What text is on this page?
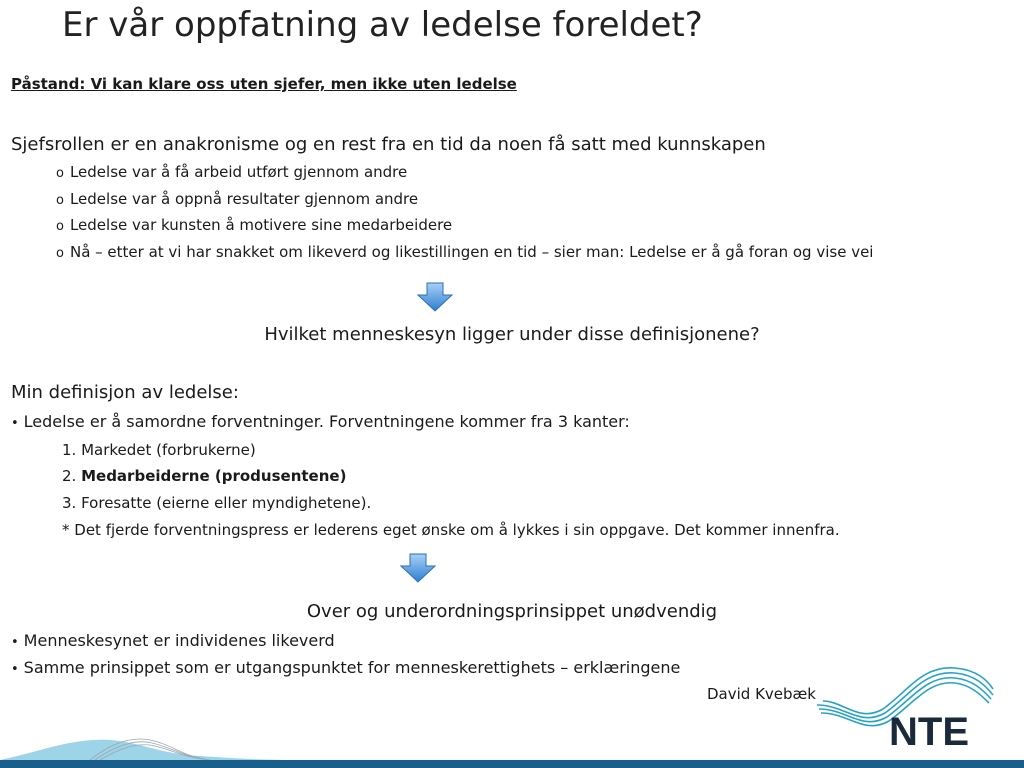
Er vår oppfatning av ledelse foreldet?
Påstand: Vi kan klare oss uten sjefer, men ikke uten ledelse
Sjefsrollen er en anakronisme og en rest fra en tid da noen få satt med kunnskapen
o Ledelse var å få arbeid utført gjennom andre
o Ledelse var å oppnå resultater gjennom andre
o Ledelse var kunsten å motivere sine medarbeidere
o Nå – etter at vi har snakket om likeverd og likestillingen en tid – sier man: Ledelse er å gå foran og vise vei
Hvilket menneskesyn ligger under disse definisjonene?
Min definisjon av ledelse:
• Ledelse er å samordne forventninger. Forventningene kommer fra 3 kanter:
1. Markedet (forbrukerne)
2. Medarbeiderne (produsentene)
3. Foresatte (eierne eller myndighetene).
* Det fjerde forventningspress er lederens eget ønske om å lykkes i sin oppgave. Det kommer innenfra.
Over og underordningsprinsippet unødvendig
• Menneskesynet er individenes likeverd
• Samme prinsippet som er utgangspunktet for menneskerettighets – erklæringene
David Kvebæk
NTE
